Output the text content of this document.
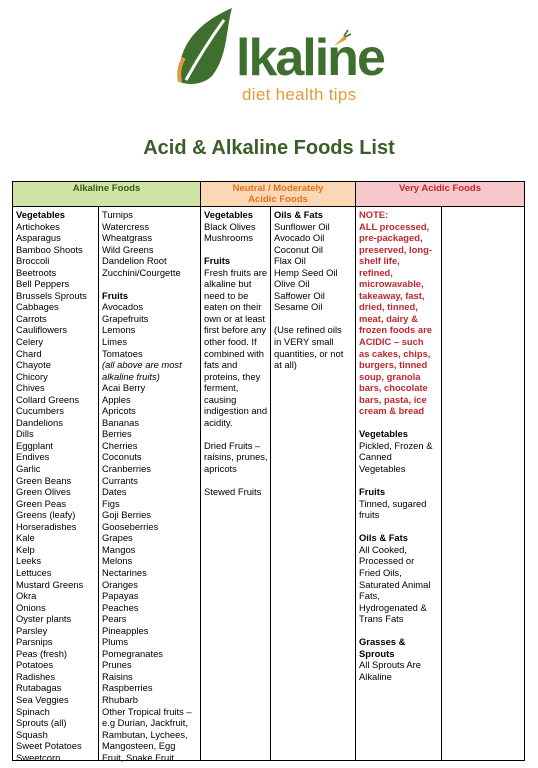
lkaline
diet health tips
Acid & Alkaline Foods List
Alkaline Foods	Neutral / Moderately
Acidic Foods
Very Acidic Foods
Vegetables
Artichokes
Asparagus
Bamboo Shoots
Broccoli
Beetroots
Bell Peppers
Brussels Sprouts
Cabbages
Carrots
Cauliflowers
Celery
Chard
Chayote
Chicory
Chives
Collard Greens
Cucumbers
Dandelions
Dills
Eggplant
Endives
Garlic
Green Beans
Green Olives
Green Peas
Greens (leafy)
Horseradishes
Kale
Kelp
Leeks
Lettuces
Mustard Greens
Okra
Onions
Oyster plants
Parsley
Parsnips
Peas (fresh)
Potatoes
Radishes
Rutabagas
Sea Veggies
Spinach
Sprouts (all)
Squash
Sweet Potatoes
Sweetcorn
Turnips
Watercress
Wheatgrass
Wild Greens
Dandelion Root
Zucchini/Courgette
Fruits
Avocados
Grapefruits
Lemons
Limes
Tomatoes
(all above are most
alkaline fruits)
Acai Berry
Apples
Apricots
Bananas
Berries
Cherries
Coconuts
Cranberries
Currants
Dates
Figs
Goji Berries
Gooseberries
Grapes
Mangos
Melons
Nectarines
Oranges
Papayas
Peaches
Pears
Pineapples
Plums
Pomegranates
Prunes
Raisins
Raspberries
Rhubarb
Other Tropical fruits –
e.g Durian, Jackfruit,
Rambutan, Lychees,
Mangosteen, Egg
Fruit, Snake Fruit
Vegetables
Black Olives
Mushrooms
Fruits
Fresh fruits are
alkaline but
need to be
eaten on their
own or at least
first before any
other food. If
combined with
fats and
proteins, they
ferment,
causing
indigestion and
acidity.
Dried Fruits –
raisins, prunes,
apricots
Stewed Fruits
Oils & Fats
Sunflower Oil
Avocado Oil
Coconut Oil
Flax Oil
Hemp Seed Oil
Olive Oil
Saffower Oil
Sesame Oil
(Use refined oils
in VERY small
quantities, or not
at all)
NOTE:
ALL processed,
pre-packaged,
preserved, long-
shelf life,
refined,
microwavable,
takeaway, fast,
dried, tinned,
meat, dairy &
frozen foods are
ACIDIC – such
as cakes, chips,
burgers, tinned
soup, granola
bars, chocolate
bars, pasta, ice
cream & bread
Vegetables
Pickled, Frozen &
Canned
Vegetables
Fruits
Tinned, sugared
fruits
Oils & Fats
All Cooked,
Processed or
Fried Oils,
Saturated Animal
Fats,
Hydrogenated &
Trans Fats
Grasses &
Sprouts
All Sprouts Are
Alkaline
